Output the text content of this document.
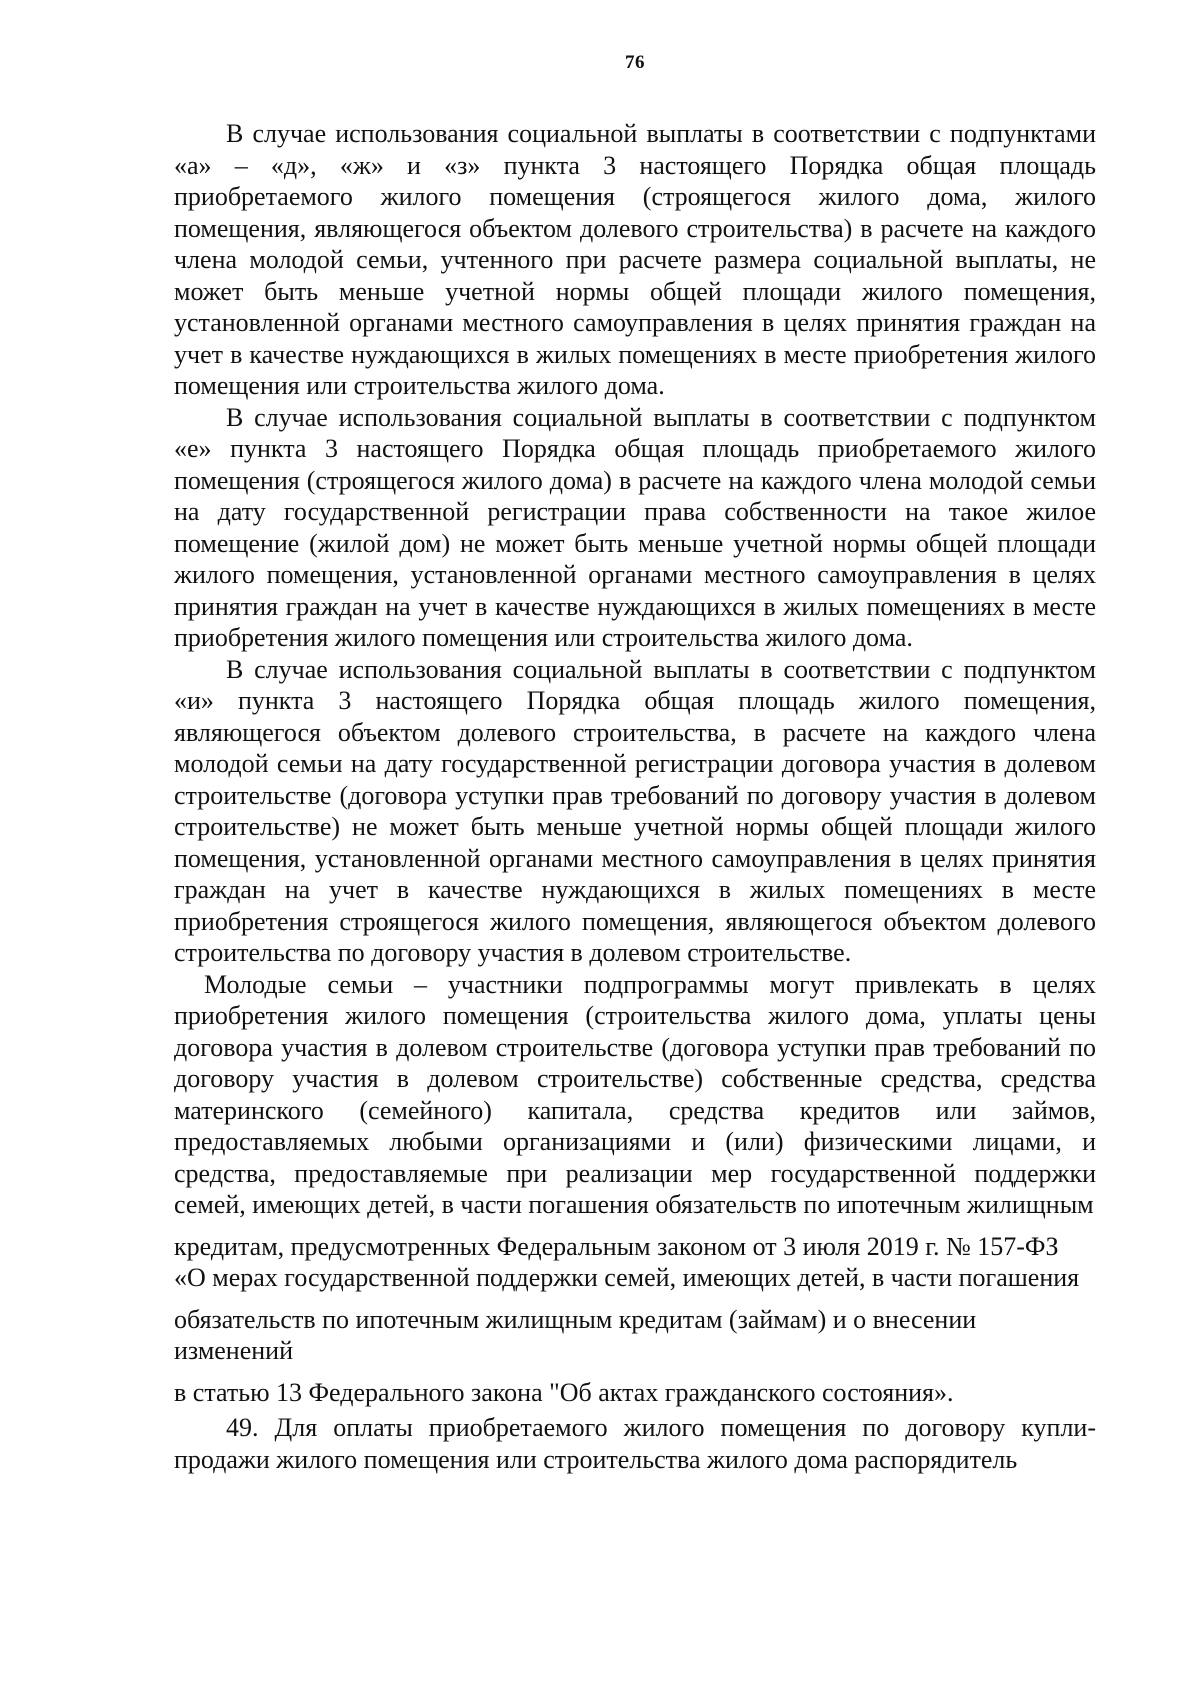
76

В случае использования социальной выплаты в соответствии с подпунктами «а» – «д», «ж» и «з» пункта 3 настоящего Порядка общая площадь приобретаемого жилого помещения (строящегося жилого дома, жилого помещения, являющегося объектом долевого строительства) в расчете на каждого члена молодой семьи, учтенного при расчете размера социальной выплаты, не может быть меньше учетной нормы общей площади жилого помещения, установленной органами местного самоуправления в целях принятия граждан на учет в качестве нуждающихся в жилых помещениях в месте приобретения жилого помещения или строительства жилого дома.

В случае использования социальной выплаты в соответствии с подпунктом «е» пункта 3 настоящего Порядка общая площадь приобретаемого жилого помещения (строящегося жилого дома) в расчете на каждого члена молодой семьи на дату государственной регистрации права собственности на такое жилое помещение (жилой дом) не может быть меньше учетной нормы общей площади жилого помещения, установленной органами местного самоуправления в целях принятия граждан на учет в качестве нуждающихся в жилых помещениях в месте приобретения жилого помещения или строительства жилого дома.

В случае использования социальной выплаты в соответствии с подпунктом «и» пункта 3 настоящего Порядка общая площадь жилого помещения, являющегося объектом долевого строительства, в расчете на каждого члена молодой семьи на дату государственной регистрации договора участия в долевом строительстве (договора уступки прав требований по договору участия в долевом строительстве) не может быть меньше учетной нормы общей площади жилого помещения, установленной органами местного самоуправления в целях принятия граждан на учет в качестве нуждающихся в жилых помещениях в месте приобретения строящегося жилого помещения, являющегося объектом долевого строительства по договору участия в долевом строительстве.

Молодые семьи – участники подпрограммы могут привлекать в целях приобретения жилого помещения (строительства жилого дома, уплаты цены договора участия в долевом строительстве (договора уступки прав требований по договору участия в долевом строительстве) собственные средства, средства материнского (семейного) капитала, средства кредитов или займов, предоставляемых любыми организациями и (или) физическими лицами, и средства, предоставляемые при реализации мер государственной поддержки семей, имеющих детей, в части погашения обязательств по ипотечным жилищным

кредитам, предусмотренных Федеральным законом от 3 июля 2019 г. № 157-ФЗ «О мерах государственной поддержки семей, имеющих детей, в части погашения

обязательств по ипотечным жилищным кредитам (займам) и о внесении изменений

в статью 13 Федерального закона "Об актах гражданского состояния».

49. Для оплаты приобретаемого жилого помещения по договору купли-продажи жилого помещения или строительства жилого дома распорядитель
